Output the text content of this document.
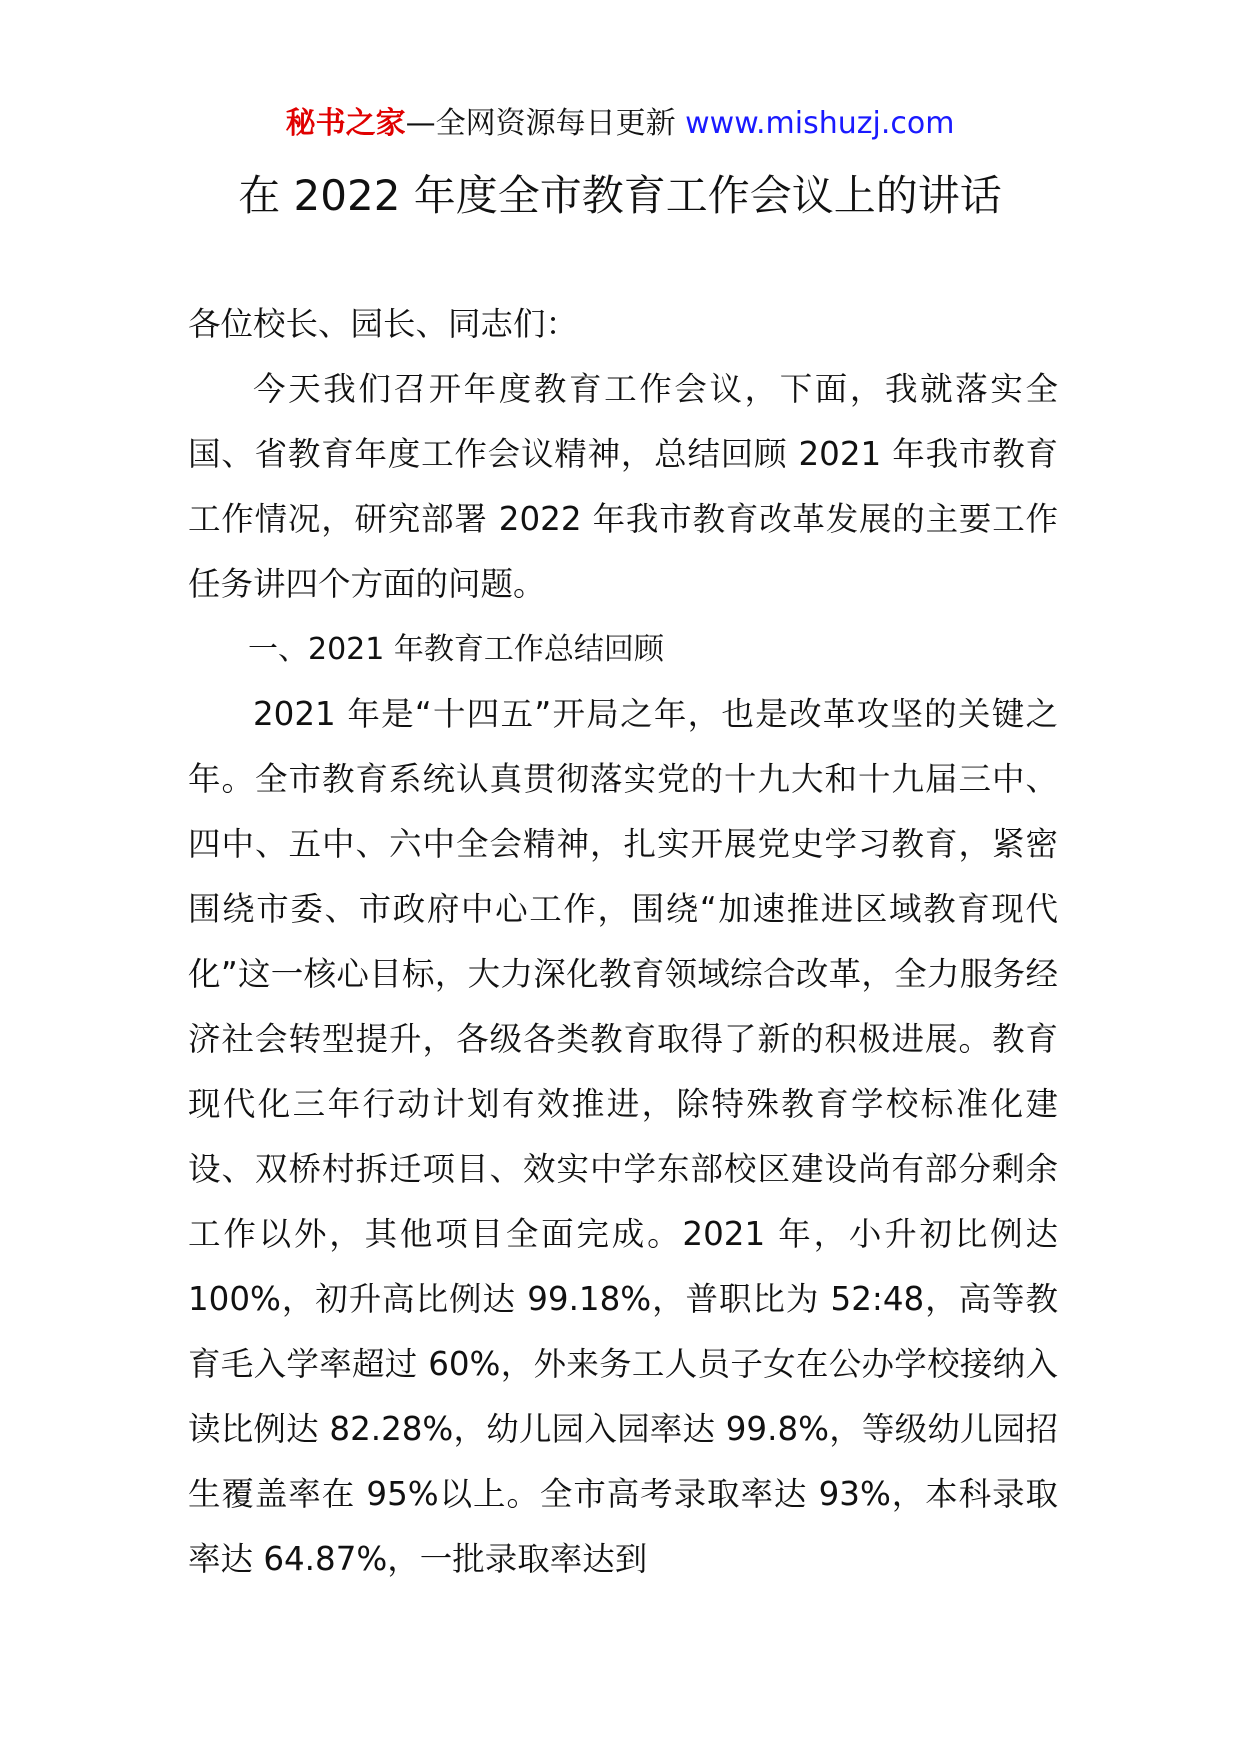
秘书之家—全网资源每日更新 www.mishuzj.com
在 2022 年度全市教育工作会议上的讲话

各位校长、园长、同志们：

今天我们召开年度教育工作会议，下面，我就落实全国、省教育年度工作会议精神，总结回顾 2021 年我市教育工作情况，研究部署 2022 年我市教育改革发展的主要工作任务讲四个方面的问题。

一、2021 年教育工作总结回顾

2021 年是“十四五”开局之年，也是改革攻坚的关键之年。全市教育系统认真贯彻落实党的十九大和十九届三中、四中、五中、六中全会精神，扎实开展党史学习教育，紧密围绕市委、市政府中心工作，围绕“加速推进区域教育现代化”这一核心目标，大力深化教育领域综合改革，全力服务经济社会转型提升，各级各类教育取得了新的积极进展。教育现代化三年行动计划有效推进，除特殊教育学校标准化建设、双桥村拆迁项目、效实中学东部校区建设尚有部分剩余工作以外，其他项目全面完成。2021 年，小升初比例达 100%，初升高比例达 99.18%，普职比为 52:48，高等教育毛入学率超过 60%，外来务工人员子女在公办学校接纳入读比例达 82.28%，幼儿园入园率达 99.8%，等级幼儿园招生覆盖率在 95%以上。全市高考录取率达 93%，本科录取率达 64.87%，一批录取率达到
